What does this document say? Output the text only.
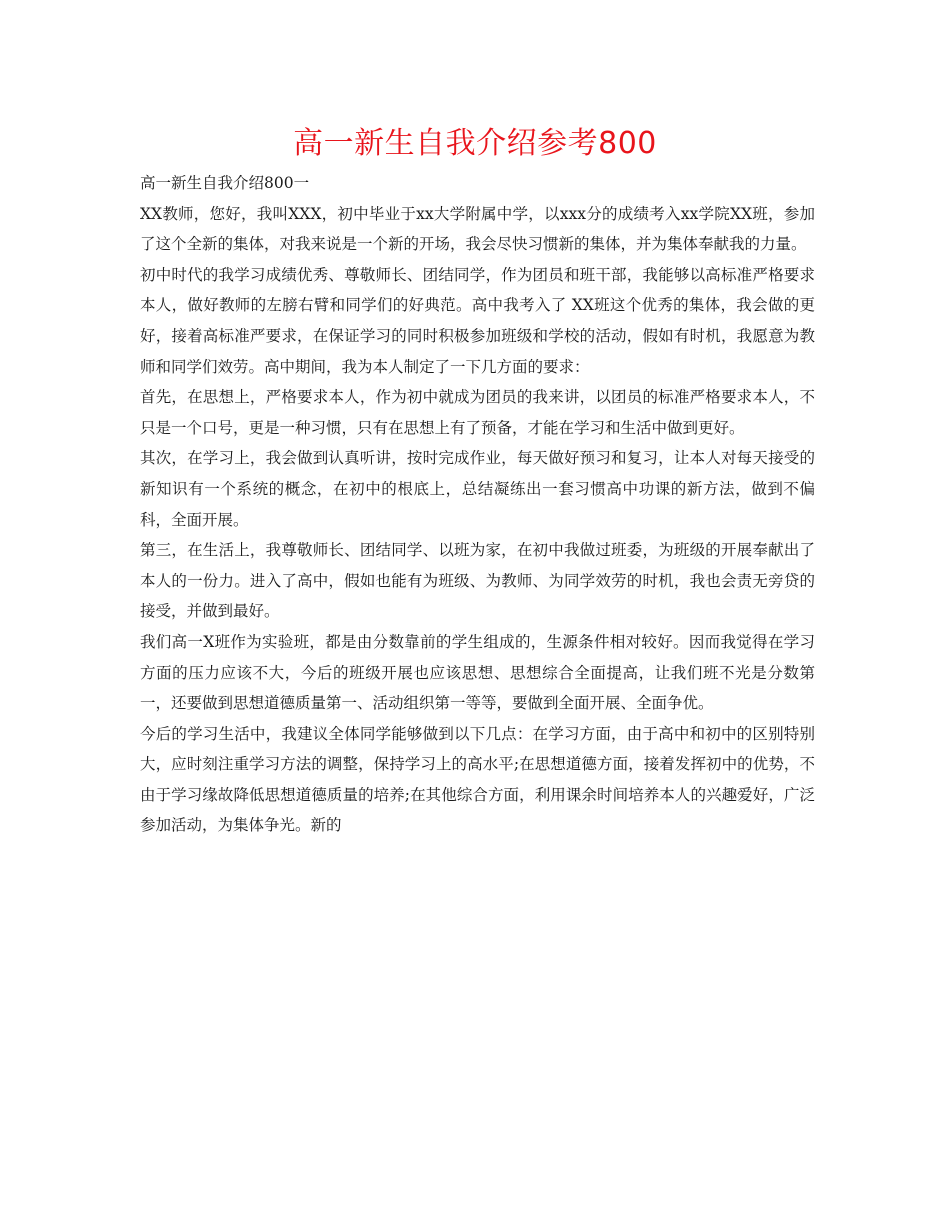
高一新生自我介绍参考800

高一新生自我介绍800一

XX教师，您好，我叫XXX，初中毕业于xx大学附属中学，以xxx分的成绩考入xx学院XX班，参加了这个全新的集体，对我来说是一个新的开场，我会尽快习惯新的集体，并为集体奉献我的力量。

初中时代的我学习成绩优秀、尊敬师长、团结同学，作为团员和班干部，我能够以高标准严格要求本人，做好教师的左膀右臂和同学们的好典范。高中我考入了 XX班这个优秀的集体，我会做的更好，接着高标准严要求，在保证学习的同时积极参加班级和学校的活动，假如有时机，我愿意为教师和同学们效劳。高中期间，我为本人制定了一下几方面的要求：

首先，在思想上，严格要求本人，作为初中就成为团员的我来讲，以团员的标准严格要求本人，不只是一个口号，更是一种习惯，只有在思想上有了预备，才能在学习和生活中做到更好。

其次，在学习上，我会做到认真听讲，按时完成作业，每天做好预习和复习，让本人对每天接受的新知识有一个系统的概念，在初中的根底上，总结凝练出一套习惯高中功课的新方法，做到不偏科，全面开展。

第三，在生活上，我尊敬师长、团结同学、以班为家，在初中我做过班委，为班级的开展奉献出了本人的一份力。进入了高中，假如也能有为班级、为教师、为同学效劳的时机，我也会责无旁贷的接受，并做到最好。

我们高一X班作为实验班，都是由分数靠前的学生组成的，生源条件相对较好。因而我觉得在学习方面的压力应该不大，今后的班级开展也应该思想、思想综合全面提高，让我们班不光是分数第一，还要做到思想道德质量第一、活动组织第一等等，要做到全面开展、全面争优。

今后的学习生活中，我建议全体同学能够做到以下几点：在学习方面，由于高中和初中的区别特别大，应时刻注重学习方法的调整，保持学习上的高水平;在思想道德方面，接着发挥初中的优势，不由于学习缘故降低思想道德质量的培养;在其他综合方面，利用课余时间培养本人的兴趣爱好，广泛参加活动，为集体争光。新的
